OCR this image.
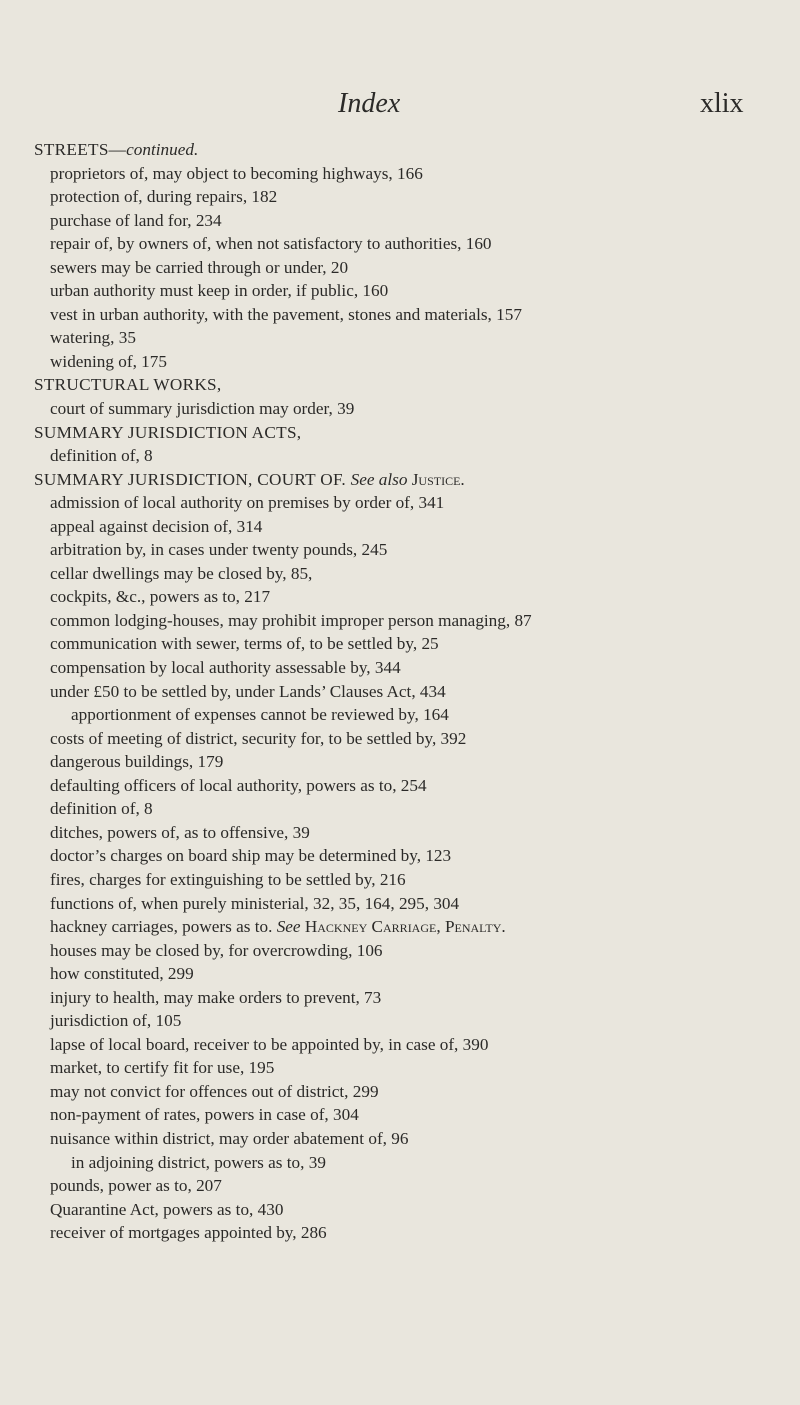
Index	xlix
STREETS—continued.
proprietors of, may object to becoming highways, 166
protection of, during repairs, 182
purchase of land for, 234
repair of, by owners of, when not satisfactory to authorities, 160
sewers may be carried through or under, 20
urban authority must keep in order, if public, 160
vest in urban authority, with the pavement, stones and materials, 157
watering, 35
widening of, 175
STRUCTURAL WORKS,
court of summary jurisdiction may order, 39
SUMMARY JURISDICTION ACTS,
definition of, 8
SUMMARY JURISDICTION, COURT OF. See also Justice.
admission of local authority on premises by order of, 341
appeal against decision of, 314
arbitration by, in cases under twenty pounds, 245
cellar dwellings may be closed by, 85,
cockpits, &c., powers as to, 217
common lodging-houses, may prohibit improper person managing, 87
communication with sewer, terms of, to be settled by, 25
compensation by local authority assessable by, 344
under £50 to be settled by, under Lands’ Clauses Act, 434
apportionment of expenses cannot be reviewed by, 164
costs of meeting of district, security for, to be settled by, 392
dangerous buildings, 179
defaulting officers of local authority, powers as to, 254
definition of, 8
ditches, powers of, as to offensive, 39
doctor’s charges on board ship may be determined by, 123
fires, charges for extinguishing to be settled by, 216
functions of, when purely ministerial, 32, 35, 164, 295, 304
hackney carriages, powers as to. See Hackney Carriage, Penalty.
houses may be closed by, for overcrowding, 106
how constituted, 299
injury to health, may make orders to prevent, 73
jurisdiction of, 105
lapse of local board, receiver to be appointed by, in case of, 390
market, to certify fit for use, 195
may not convict for offences out of district, 299
non-payment of rates, powers in case of, 304
nuisance within district, may order abatement of, 96
in adjoining district, powers as to, 39
pounds, power as to, 207
Quarantine Act, powers as to, 430
receiver of mortgages appointed by, 286
